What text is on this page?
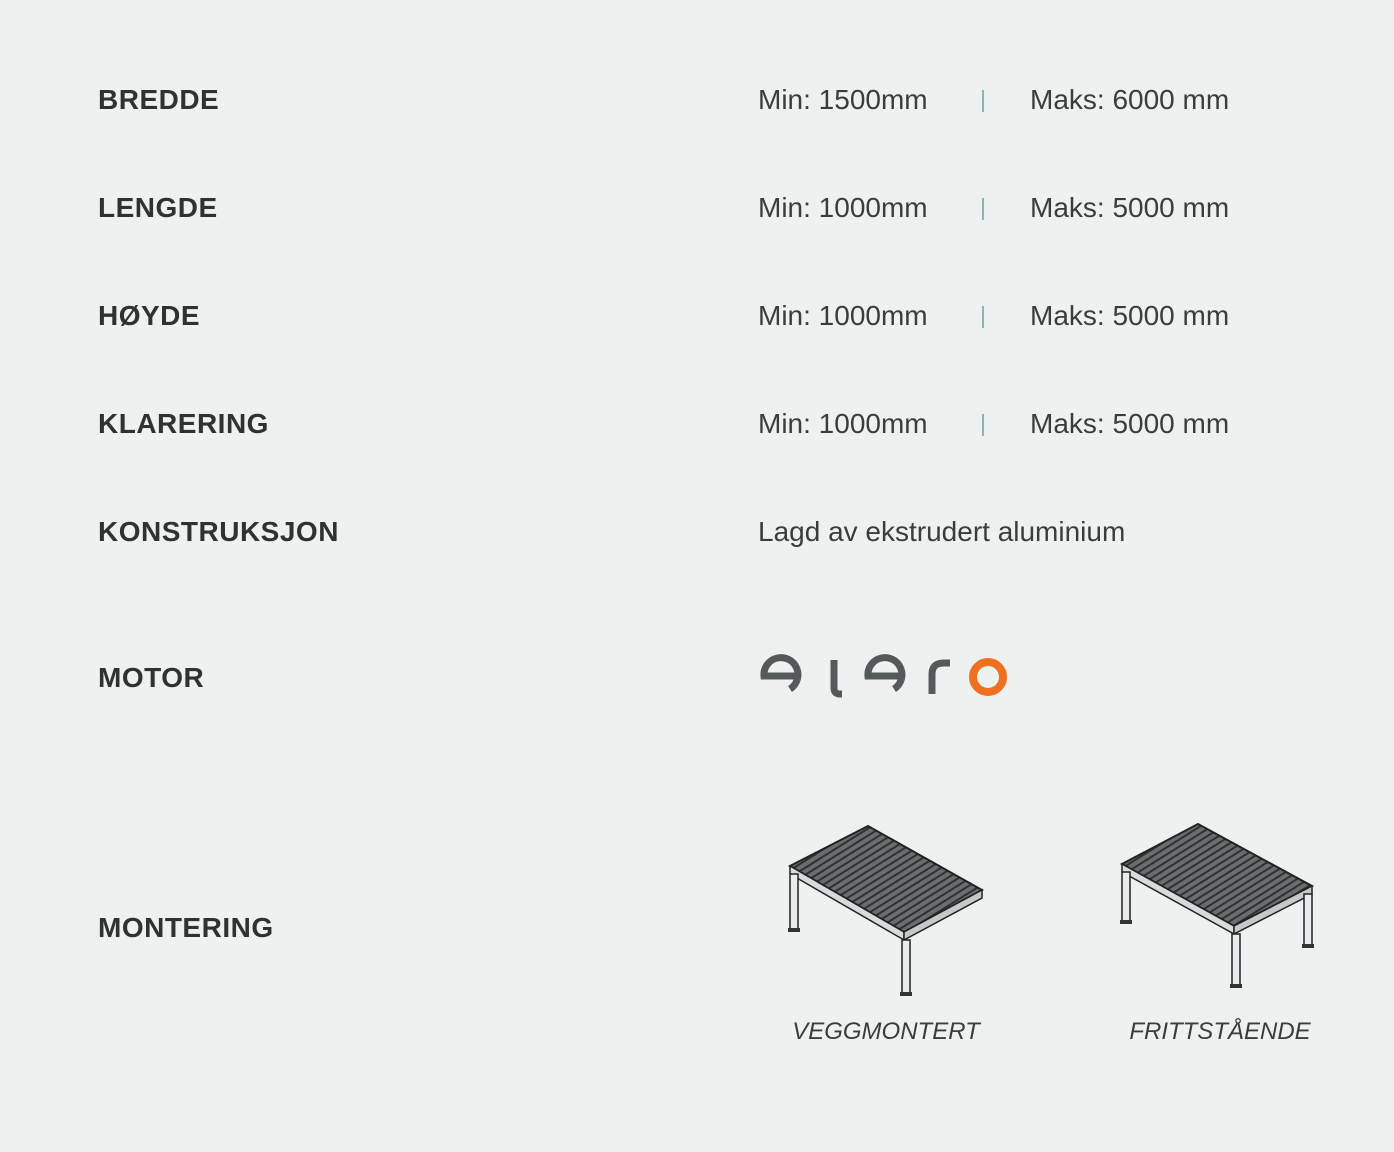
BREDDE	Min: 1500mm	Maks: 6000 mm
LENGDE	Min: 1000mm	Maks: 5000 mm
HØYDE	Min: 1000mm	Maks: 5000 mm
KLARERING	Min: 1000mm	Maks: 5000 mm
KONSTRUKSJON	Lagd av ekstrudert aluminium
MOTOR
MONTERING
VEGGMONTERT	FRITTSTÅENDE
